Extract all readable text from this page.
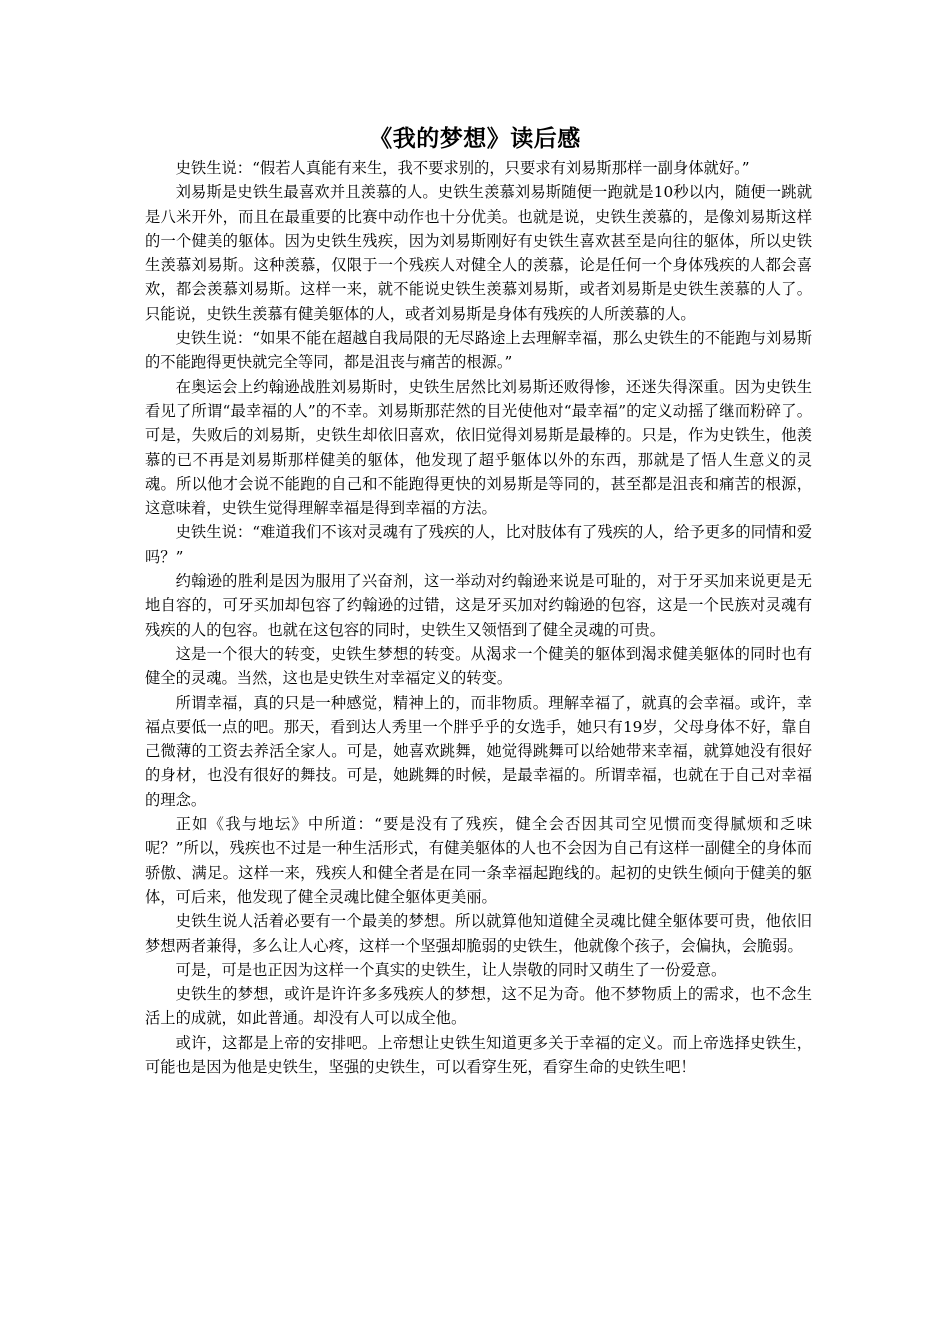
《我的梦想》读后感

史铁生说：“假若人真能有来生，我不要求别的，只要求有刘易斯那样一副身体就好。”

刘易斯是史铁生最喜欢并且羡慕的人。史铁生羡慕刘易斯随便一跑就是10秒以内，随便一跳就是八米开外，而且在最重要的比赛中动作也十分优美。也就是说，史铁生羡慕的，是像刘易斯这样的一个健美的躯体。因为史铁生残疾，因为刘易斯刚好有史铁生喜欢甚至是向往的躯体，所以史铁生羡慕刘易斯。这种羡慕，仅限于一个残疾人对健全人的羡慕，论是任何一个身体残疾的人都会喜欢，都会羡慕刘易斯。这样一来，就不能说史铁生羡慕刘易斯，或者刘易斯是史铁生羡慕的人了。只能说，史铁生羡慕有健美躯体的人，或者刘易斯是身体有残疾的人所羡慕的人。

史铁生说：“如果不能在超越自我局限的无尽路途上去理解幸福，那么史铁生的不能跑与刘易斯的不能跑得更快就完全等同，都是沮丧与痛苦的根源。”

在奥运会上约翰逊战胜刘易斯时，史铁生居然比刘易斯还败得惨，还迷失得深重。因为史铁生看见了所谓“最幸福的人”的不幸。刘易斯那茫然的目光使他对“最幸福”的定义动摇了继而粉碎了。可是，失败后的刘易斯，史铁生却依旧喜欢，依旧觉得刘易斯是最棒的。只是，作为史铁生，他羡慕的已不再是刘易斯那样健美的躯体，他发现了超乎躯体以外的东西，那就是了悟人生意义的灵魂。所以他才会说不能跑的自己和不能跑得更快的刘易斯是等同的，甚至都是沮丧和痛苦的根源，这意味着，史铁生觉得理解幸福是得到幸福的方法。

史铁生说：“难道我们不该对灵魂有了残疾的人，比对肢体有了残疾的人，给予更多的同情和爱吗？”

约翰逊的胜利是因为服用了兴奋剂，这一举动对约翰逊来说是可耻的，对于牙买加来说更是无地自容的，可牙买加却包容了约翰逊的过错，这是牙买加对约翰逊的包容，这是一个民族对灵魂有残疾的人的包容。也就在这包容的同时，史铁生又领悟到了健全灵魂的可贵。

这是一个很大的转变，史铁生梦想的转变。从渴求一个健美的躯体到渴求健美躯体的同时也有健全的灵魂。当然，这也是史铁生对幸福定义的转变。

所谓幸福，真的只是一种感觉，精神上的，而非物质。理解幸福了，就真的会幸福。或许，幸福点要低一点的吧。那天，看到达人秀里一个胖乎乎的女选手，她只有19岁，父母身体不好，靠自己微薄的工资去养活全家人。可是，她喜欢跳舞，她觉得跳舞可以给她带来幸福，就算她没有很好的身材，也没有很好的舞技。可是，她跳舞的时候，是最幸福的。所谓幸福，也就在于自己对幸福的理念。

正如《我与地坛》中所道：“要是没有了残疾，健全会否因其司空见惯而变得腻烦和乏味呢？”所以，残疾也不过是一种生活形式，有健美躯体的人也不会因为自己有这样一副健全的身体而骄傲、满足。这样一来，残疾人和健全者是在同一条幸福起跑线的。起初的史铁生倾向于健美的躯体，可后来，他发现了健全灵魂比健全躯体更美丽。

史铁生说人活着必要有一个最美的梦想。所以就算他知道健全灵魂比健全躯体要可贵，他依旧梦想两者兼得，多么让人心疼，这样一个坚强却脆弱的史铁生，他就像个孩子，会偏执，会脆弱。

可是，可是也正因为这样一个真实的史铁生，让人崇敬的同时又萌生了一份爱意。

史铁生的梦想，或许是许许多多残疾人的梦想，这不足为奇。他不梦物质上的需求，也不念生活上的成就，如此普通。却没有人可以成全他。

或许，这都是上帝的安排吧。上帝想让史铁生知道更多关于幸福的定义。而上帝选择史铁生，可能也是因为他是史铁生，坚强的史铁生，可以看穿生死，看穿生命的史铁生吧！
